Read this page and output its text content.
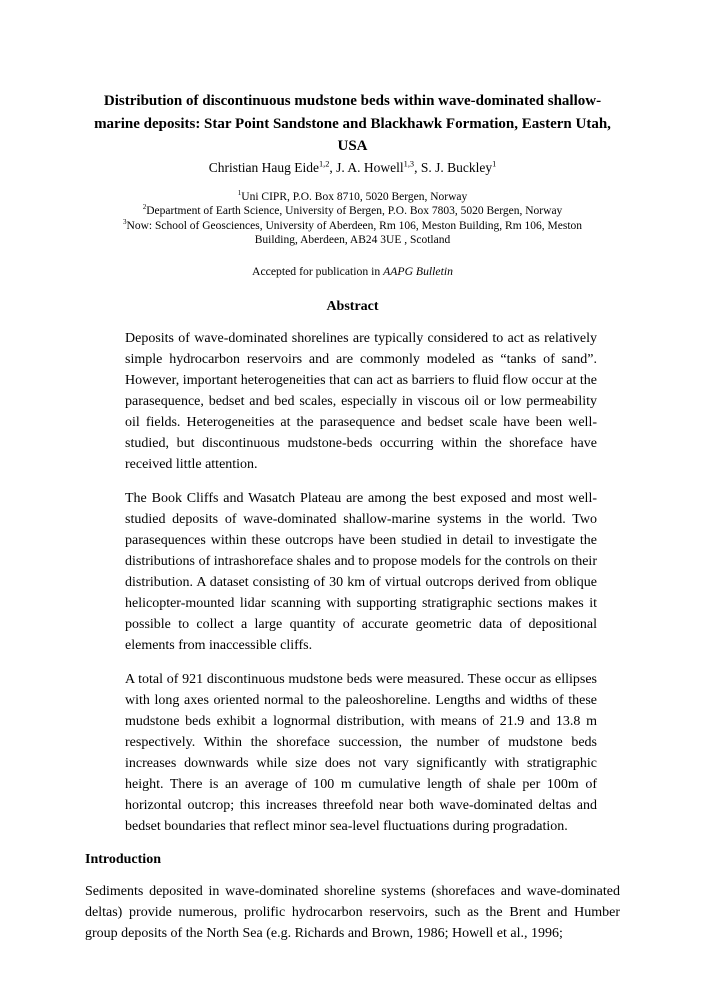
Distribution of discontinuous mudstone beds within wave-dominated shallow-marine deposits: Star Point Sandstone and Blackhawk Formation, Eastern Utah, USA
Christian Haug Eide$^{1,2}$, J. A. Howell$^{1,3}$, S. J. Buckley$^1$
$^1$Uni CIPR, P.O. Box 8710, 5020 Bergen, Norway
$^2$Department of Earth Science, University of Bergen, P.O. Box 7803, 5020 Bergen, Norway
$^3$Now: School of Geosciences, University of Aberdeen, Rm 106, Meston Building, Rm 106, Meston Building, Aberdeen, AB24 3UE , Scotland
Accepted for publication in AAPG Bulletin
Abstract

Deposits of wave-dominated shorelines are typically considered to act as relatively simple hydrocarbon reservoirs and are commonly modeled as “tanks of sand”. However, important heterogeneities that can act as barriers to fluid flow occur at the parasequence, bedset and bed scales, especially in viscous oil or low permeability oil fields. Heterogeneities at the parasequence and bedset scale have been well-studied, but discontinuous mudstone-beds occurring within the shoreface have received little attention.

The Book Cliffs and Wasatch Plateau are among the best exposed and most well-studied deposits of wave-dominated shallow-marine systems in the world. Two parasequences within these outcrops have been studied in detail to investigate the distributions of intrashoreface shales and to propose models for the controls on their distribution. A dataset consisting of 30 km of virtual outcrops derived from oblique helicopter-mounted lidar scanning with supporting stratigraphic sections makes it possible to collect a large quantity of accurate geometric data of depositional elements from inaccessible cliffs.

A total of 921 discontinuous mudstone beds were measured. These occur as ellipses with long axes oriented normal to the paleoshoreline. Lengths and widths of these mudstone beds exhibit a lognormal distribution, with means of 21.9 and 13.8 m respectively. Within the shoreface succession, the number of mudstone beds increases downwards while size does not vary significantly with stratigraphic height. There is an average of 100 m cumulative length of shale per 100m of horizontal outcrop; this increases threefold near both wave-dominated deltas and bedset boundaries that reflect minor sea-level fluctuations during progradation.

Introduction

Sediments deposited in wave-dominated shoreline systems (shorefaces and wave-dominated deltas) provide numerous, prolific hydrocarbon reservoirs, such as the Brent and Humber group deposits of the North Sea (e.g. Richards and Brown, 1986; Howell et al., 1996;
